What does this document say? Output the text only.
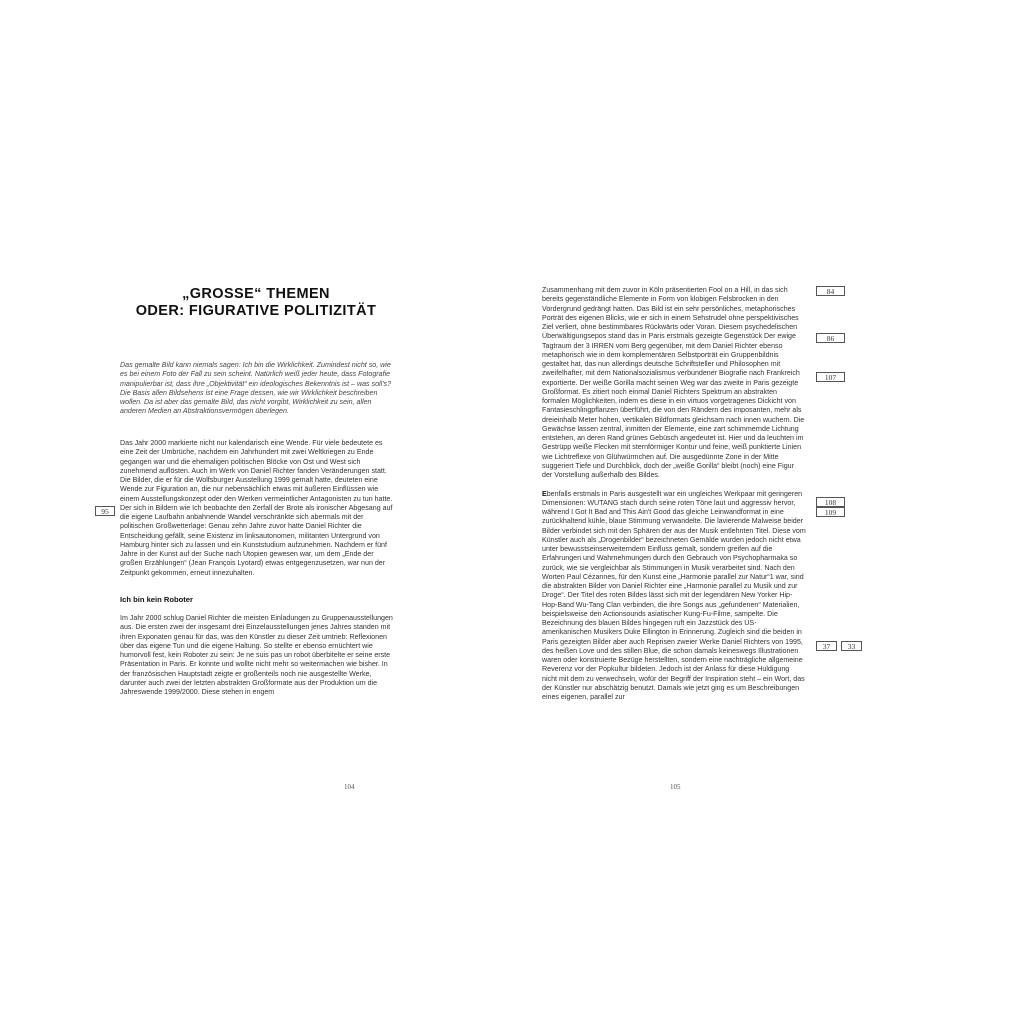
„GROSSE“ THEMEN
ODER: FIGURATIVE POLITIZITÄT

Das gemalte Bild kann niemals sagen: Ich bin die Wirklichkeit. Zumindest nicht so, wie es bei einem Foto der Fall zu sein scheint. Natürlich weiß jeder heute, dass Fotografie manipulierbar ist, dass ihre „Objektivität“ ein ideologisches Bekenntnis ist – was soll's? Die Basis allen Bildsehens ist eine Frage dessen, wie wir Wirklichkeit beschreiben wollen. Da ist aber das gemalte Bild, das nicht vorgibt, Wirklichkeit zu sein, allen anderen Medien an Abstraktionsvermögen überlegen.

Das Jahr 2000 markierte nicht nur kalendarisch eine Wende. Für viele bedeutete es eine Zeit der Umbrüche, nachdem ein Jahrhundert mit zwei Weltkriegen zu Ende gegangen war und die ehemaligen politischen Blöcke von Ost und West sich zunehmend auflösten. Auch im Werk von Daniel Richter fanden Veränderungen statt. Die Bilder, die er für die Wolfsburger Ausstellung 1999 gemalt hatte, deuteten eine Wende zur Figuration an, die nur nebensächlich etwas mit äußeren Einflüssen wie einem Ausstellungskonzept oder den Werken vermeintlicher Antagonisten zu tun hatte. Der sich in Bildern wie Ich beobachte den Zerfall der Brote als ironischer Abgesang auf die eigene Laufbahn anbahnende Wandel verschränkte sich abermals mit der politischen Großwetterlage: Genau zehn Jahre zuvor hatte Daniel Richter die Entscheidung gefällt, seine Existenz im linksautonomen, militanten Untergrund von Hamburg hinter sich zu lassen und ein Kunststudium aufzunehmen. Nachdem er fünf Jahre in der Kunst auf der Suche nach Utopien gewesen war, um dem „Ende der großen Erzählungen“ (Jean François Lyotard) etwas entgegenzusetzen, war nun der Zeitpunkt gekommen, erneut innezuhalten.

Ich bin kein Roboter

Im Jahr 2000 schlug Daniel Richter die meisten Einladungen zu Gruppenausstellungen aus. Die ersten zwei der insgesamt drei Einzelausstellungen jenes Jahres standen mit ihren Exponaten genau für das, was den Künstler zu dieser Zeit umtrieb: Reflexionen über das eigene Tun und die eigene Haltung. So stellte er ebenso ernüchtert wie humorvoll fest, kein Roboter zu sein: Je ne suis pas un robot überbitelte er seine erste Präsentation in Paris. Er konnte und wollte nicht mehr so weitermachen wie bisher. In der französischen Hauptstadt zeigte er großenteils noch nie ausgestellte Werke, darunter auch zwei der letzten abstrakten Großformate aus der Produktion um die Jahreswende 1999/2000. Diese stehen in engem

95
104

Zusammenhang mit dem zuvor in Köln präsentierten Fool on a Hill, in das sich bereits gegenständliche Elemente in Form von klobigen Felsbrocken in den Vordergrund gedrängt hatten. Das Bild ist ein sehr persönliches, metaphorisches Porträt des eigenen Blicks, wie er sich in einem Sehstrudel ohne perspektivisches Ziel verliert, ohne bestimmbares Rückwärts oder Voran. Diesem psychedelischen Überwältigungsepos stand das in Paris erstmals gezeigte Gegenstück Der ewige Tagtraum der 3 IRREN vom Berg gegenüber, mit dem Daniel Richter ebenso metaphorisch wie in dem komplementären Selbstporträt ein Gruppenbildnis gestaltet hat, das nun allerdings deutsche Schriftsteller und Philosophen mit zweifelhafter, mit dem Nationalsozialismus verbundener Biografie nach Frankreich exportierte. Der weiße Gorilla macht seinen Weg war das zweite in Paris gezeigte Großformat. Es zitiert noch einmal Daniel Richters Spektrum an abstrakten formalen Möglichkeiten, indem es diese in ein virtuos vorgetragenes Dickicht von Fantasieschlingpflanzen überführt, die von den Rändern des imposanten, mehr als dreieinhalb Meter hohen, vertikalen Bildformats gleichsam nach innen wuchern. Die Gewächse lassen zentral, inmitten der Elemente, eine zart schimmernde Lichtung entstehen, an deren Rand grünes Gebüsch angedeutet ist. Hier und da leuchten im Gestrüpp weiße Flecken mit sternförmiger Kontur und feine, weiß punktierte Linien wie Lichtreflexe von Glühwürmchen auf. Die ausgedünnte Zone in der Mitte suggeriert Tiefe und Durchblick, doch der „weiße Gorilla“ bleibt (noch) eine Figur der Vorstellung außerhalb des Bildes.

Ebenfalls erstmals in Paris ausgestellt war ein ungleiches Werkpaar mit geringeren Dimensionen: WUTANG stach durch seine roten Töne laut und aggressiv hervor, während I Got It Bad and This Ain't Good das gleiche Leinwandformat in eine zurückhaltend kühle, blaue Stimmung verwandelte. Die lavierende Malweise beider Bilder verbindet sich mit den Sphären der aus der Musik entlehnten Titel. Diese vom Künstler auch als „Drogenbilder“ bezeichneten Gemälde wurden jedoch nicht etwa unter bewusstseinserweiterndem Einfluss gemalt, sondern greifen auf die Erfahrungen und Wahrnehmungen durch den Gebrauch von Psychopharmaka so zurück, wie sie vergleichbar als Stimmungen in Musik verarbeitet sind. Nach den Worten Paul Cézannes, für den Kunst eine „Harmonie parallel zur Natur“1 war, sind die abstrakten Bilder von Daniel Richter eine „Harmonie parallel zu Musik und zur Droge“. Der Titel des roten Bildes lässt sich mit der legendären New Yorker Hip-Hop-Band Wu-Tang Clan verbinden, die ihre Songs aus „gefundenen“ Materialien, beispielsweise den Actionsounds asiatischer Kung-Fu-Filme, sampelte. Die Bezeichnung des blauen Bildes hingegen ruft ein Jazzstück des US-amerikanischen Musikers Duke Ellington in Erinnerung. Zugleich sind die beiden in Paris gezeigten Bilder aber auch Reprisen zweier Werke Daniel Richters von 1995, des heißen Love und des stillen Blue, die schon damals keineswegs Illustrationen waren oder konstruierte Bezüge herstellten, sondern eine nachträgliche allgemeine Reverenz vor der Popkultur bildeten. Jedoch ist der Anlass für diese Huldigung nicht mit dem zu verwechseln, wofür der Begriff der Inspiration steht – ein Wort, das der Künstler nur abschätzig benutzt. Damals wie jetzt ging es um Beschreibungen eines eigenen, parallel zur

84
86
107
108
109
37	33
105
